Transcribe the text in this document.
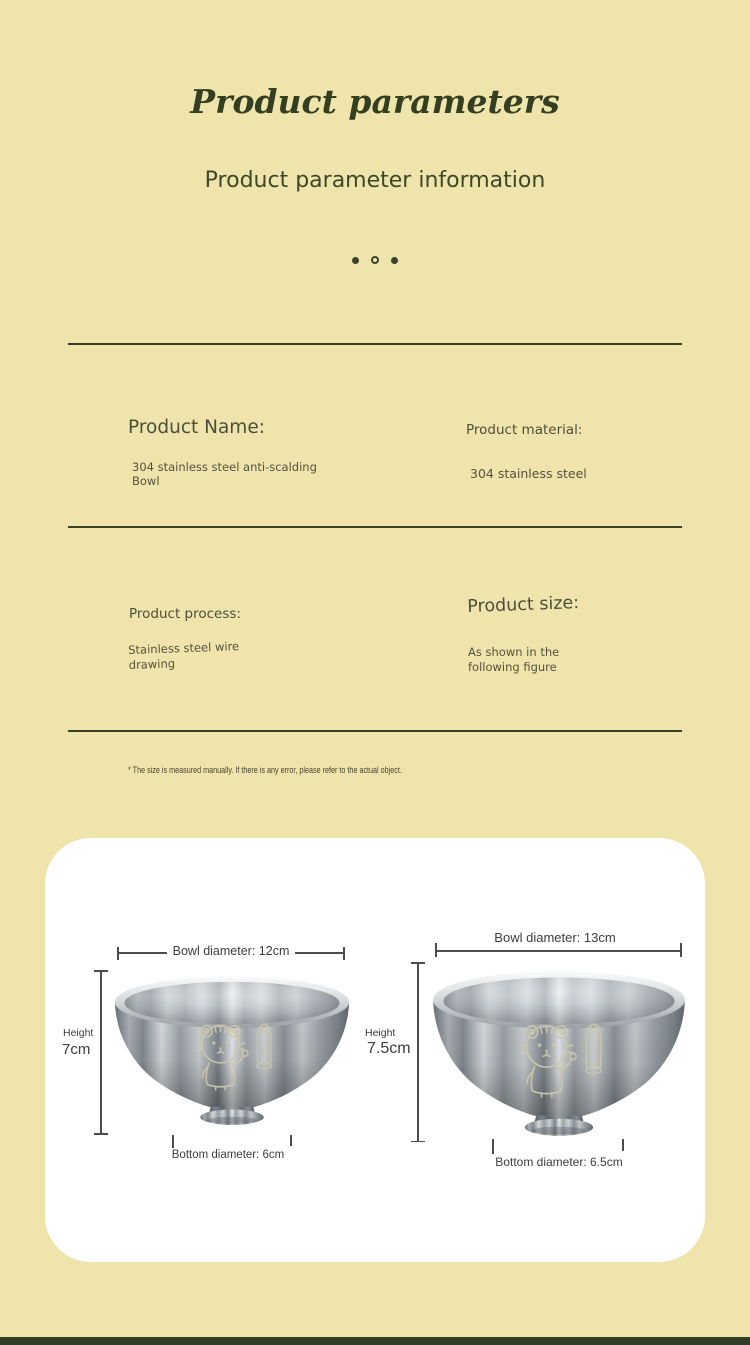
Product parameters
Product parameter information
Product Name:
304 stainless steel anti-scalding
Bowl
Product material:
304 stainless steel
Product process:
Stainless steel wire
drawing
Product size:
As shown in the
following figure
* The size is measured manually. If there is any error, please refer to the actual object.
Bowl diameter: 12cm
Height
7cm
Bottom diameter: 6cm
Bowl diameter: 13cm
Height
7.5cm
Bottom diameter: 6.5cm
